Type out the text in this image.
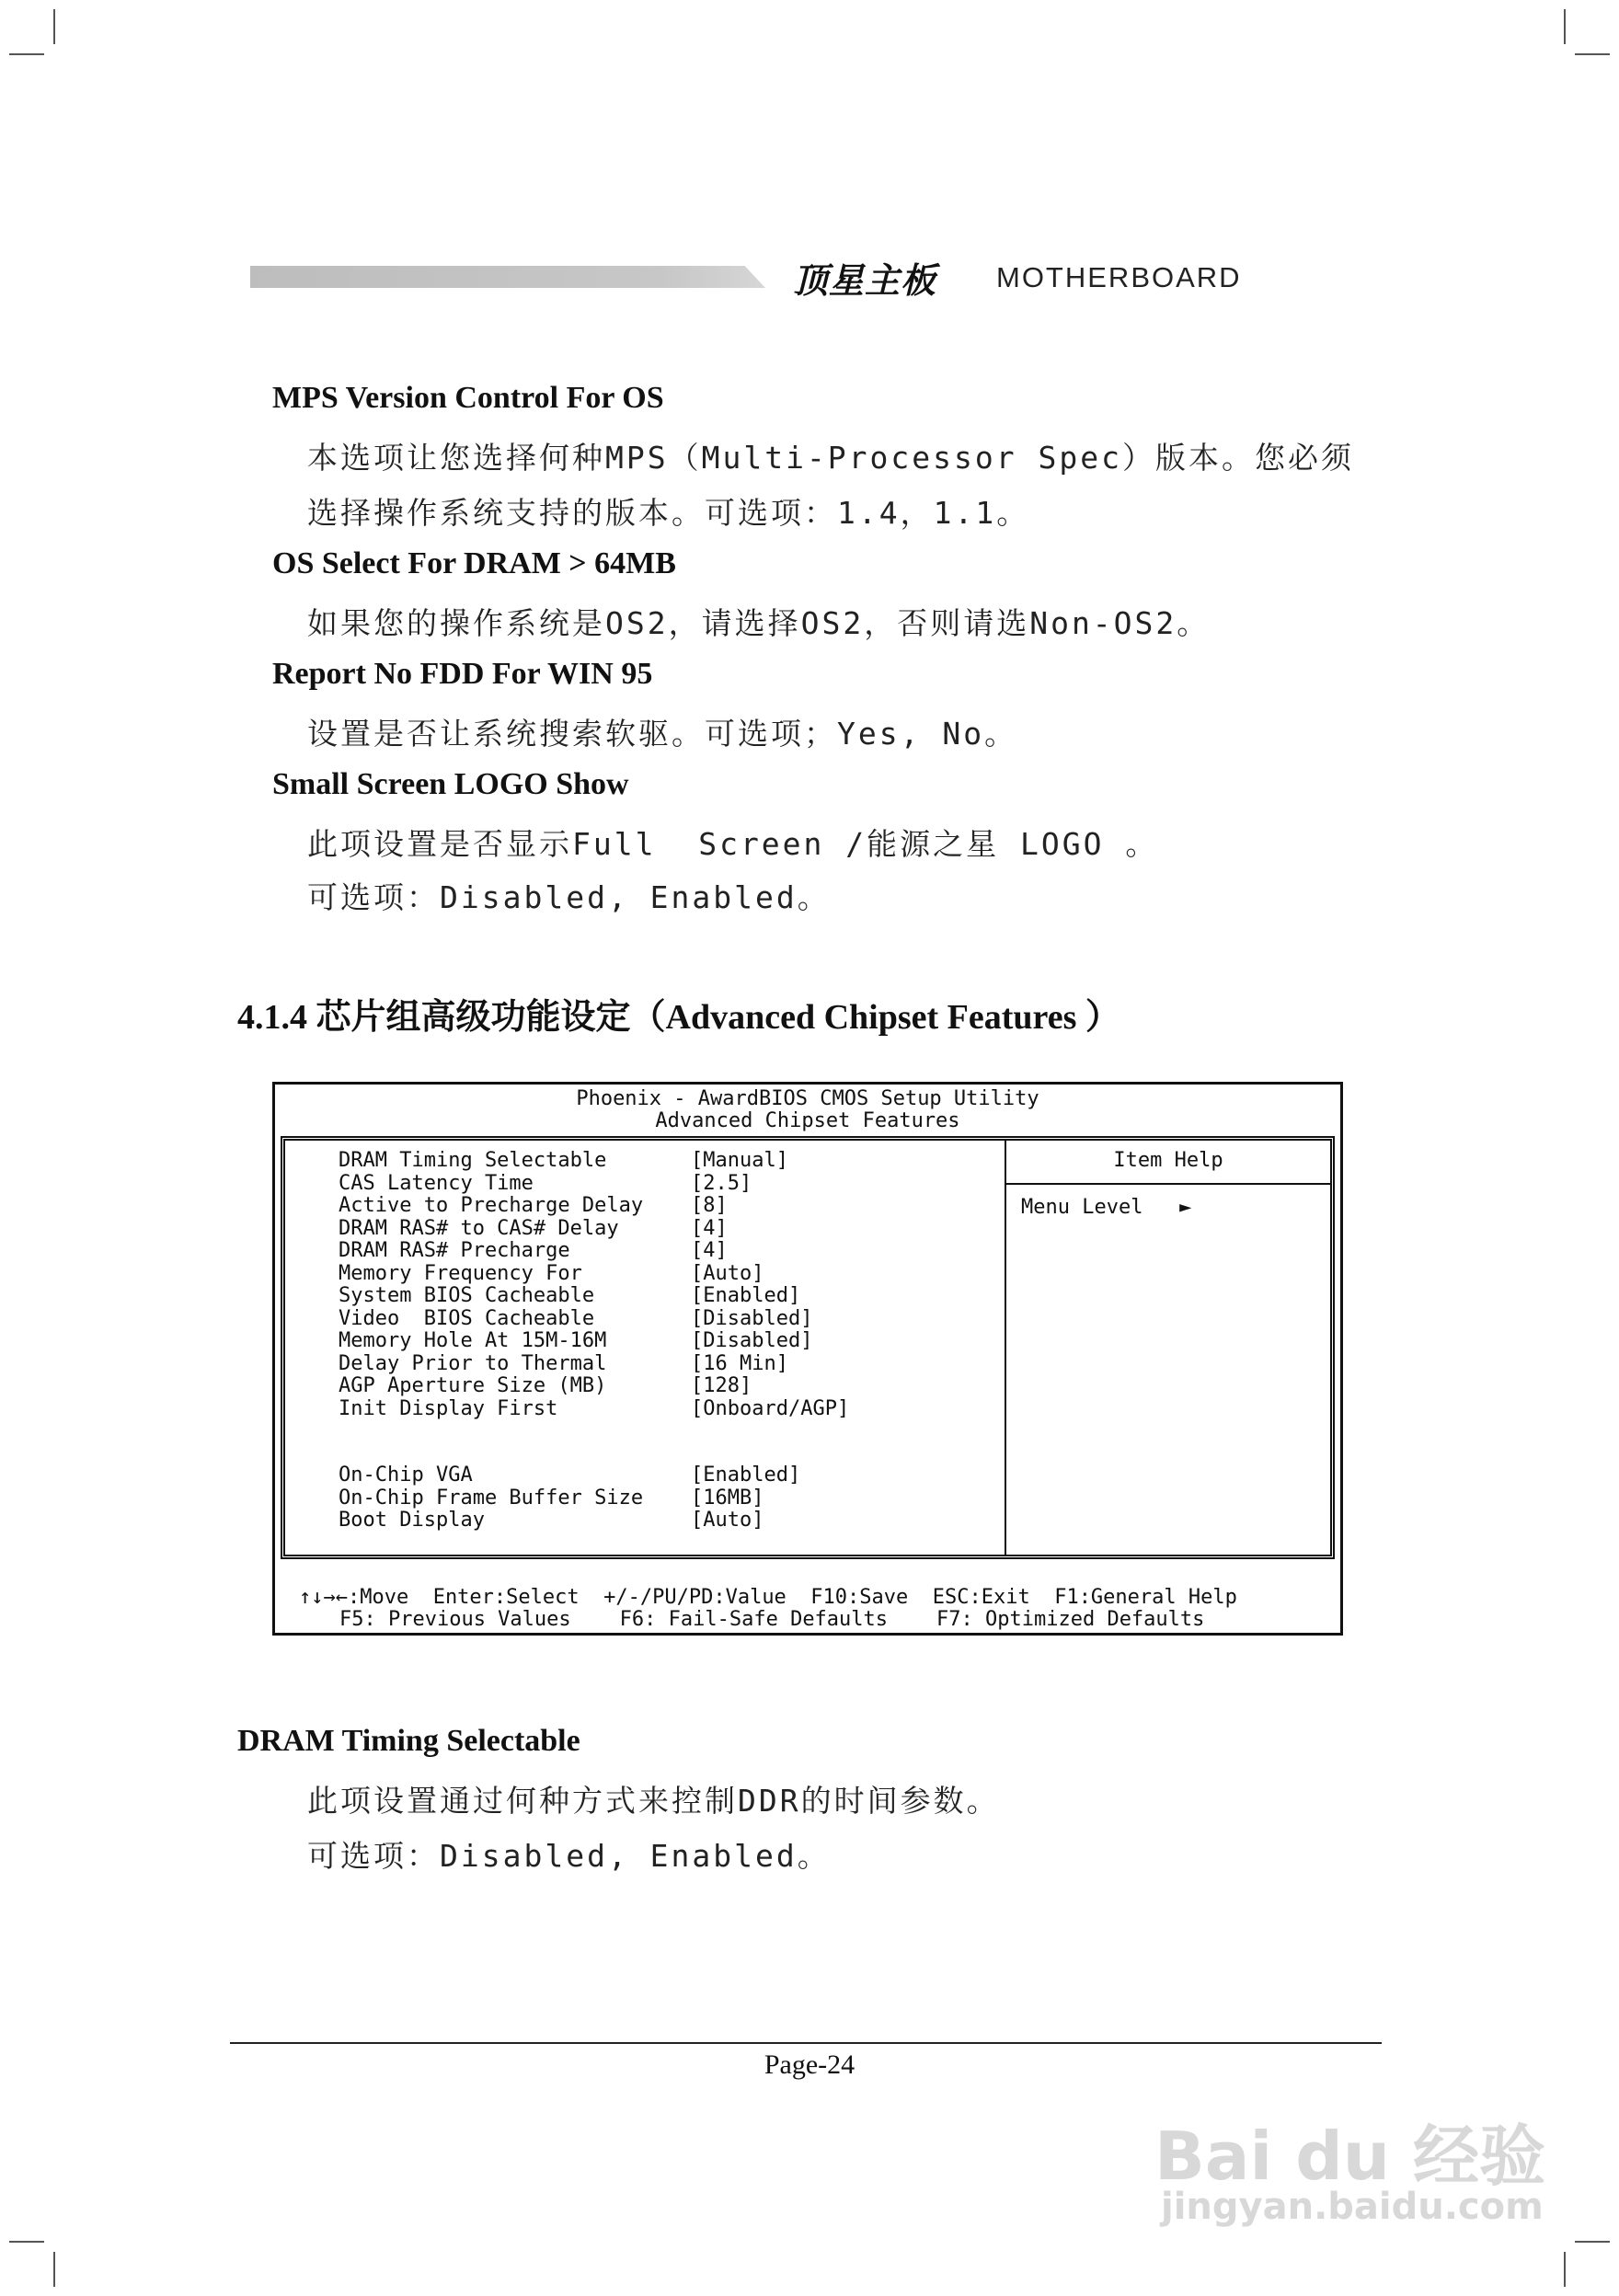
顶星主板 MOTHERBOARD
MPS Version Control For OS
本选项让您选择何种MPS（Multi-Processor Spec）版本。您必须
选择操作系统支持的版本。可选项：1.4，1.1。
OS Select For DRAM > 64MB
如果您的操作系统是OS2，请选择OS2，否则请选Non-OS2。
Report No FDD For WIN 95
设置是否让系统搜索软驱。可选项；Yes, No。
Small Screen LOGO Show
此项设置是否显示Full  Screen /能源之星 LOGO 。
可选项：Disabled, Enabled。
4.1.4 芯片组高级功能设定（Advanced Chipset Features ）
Phoenix - AwardBIOS CMOS Setup Utility
Advanced Chipset Features
DRAM Timing Selectable	[Manual]
CAS Latency Time	[2.5]
Active to Precharge Delay [8]
DRAM RAS# to CAS# Delay	[4]
DRAM RAS# Precharge	[4]
Memory Frequency For	[Auto]
System BIOS Cacheable	[Enabled]
Video  BIOS Cacheable	[Disabled]
Memory Hole At 15M-16M	[Disabled]
Delay Prior to Thermal	[16 Min]
AGP Aperture Size (MB)	[128]
Init Display First	[Onboard/AGP]
On-Chip VGA	[Enabled]
On-Chip Frame Buffer Size [16MB]
Boot Display	[Auto]
Item Help
Menu Level   ►
↑↓→←:Move  Enter:Select  +/-/PU/PD:Value  F10:Save  ESC:Exit  F1:General Help
F5: Previous Values    F6: Fail-Safe Defaults    F7: Optimized Defaults
DRAM Timing Selectable
此项设置通过何种方式来控制DDR的时间参数。
可选项：Disabled, Enabled。
Page-24
Bai du 经验
jingyan.baidu.com
